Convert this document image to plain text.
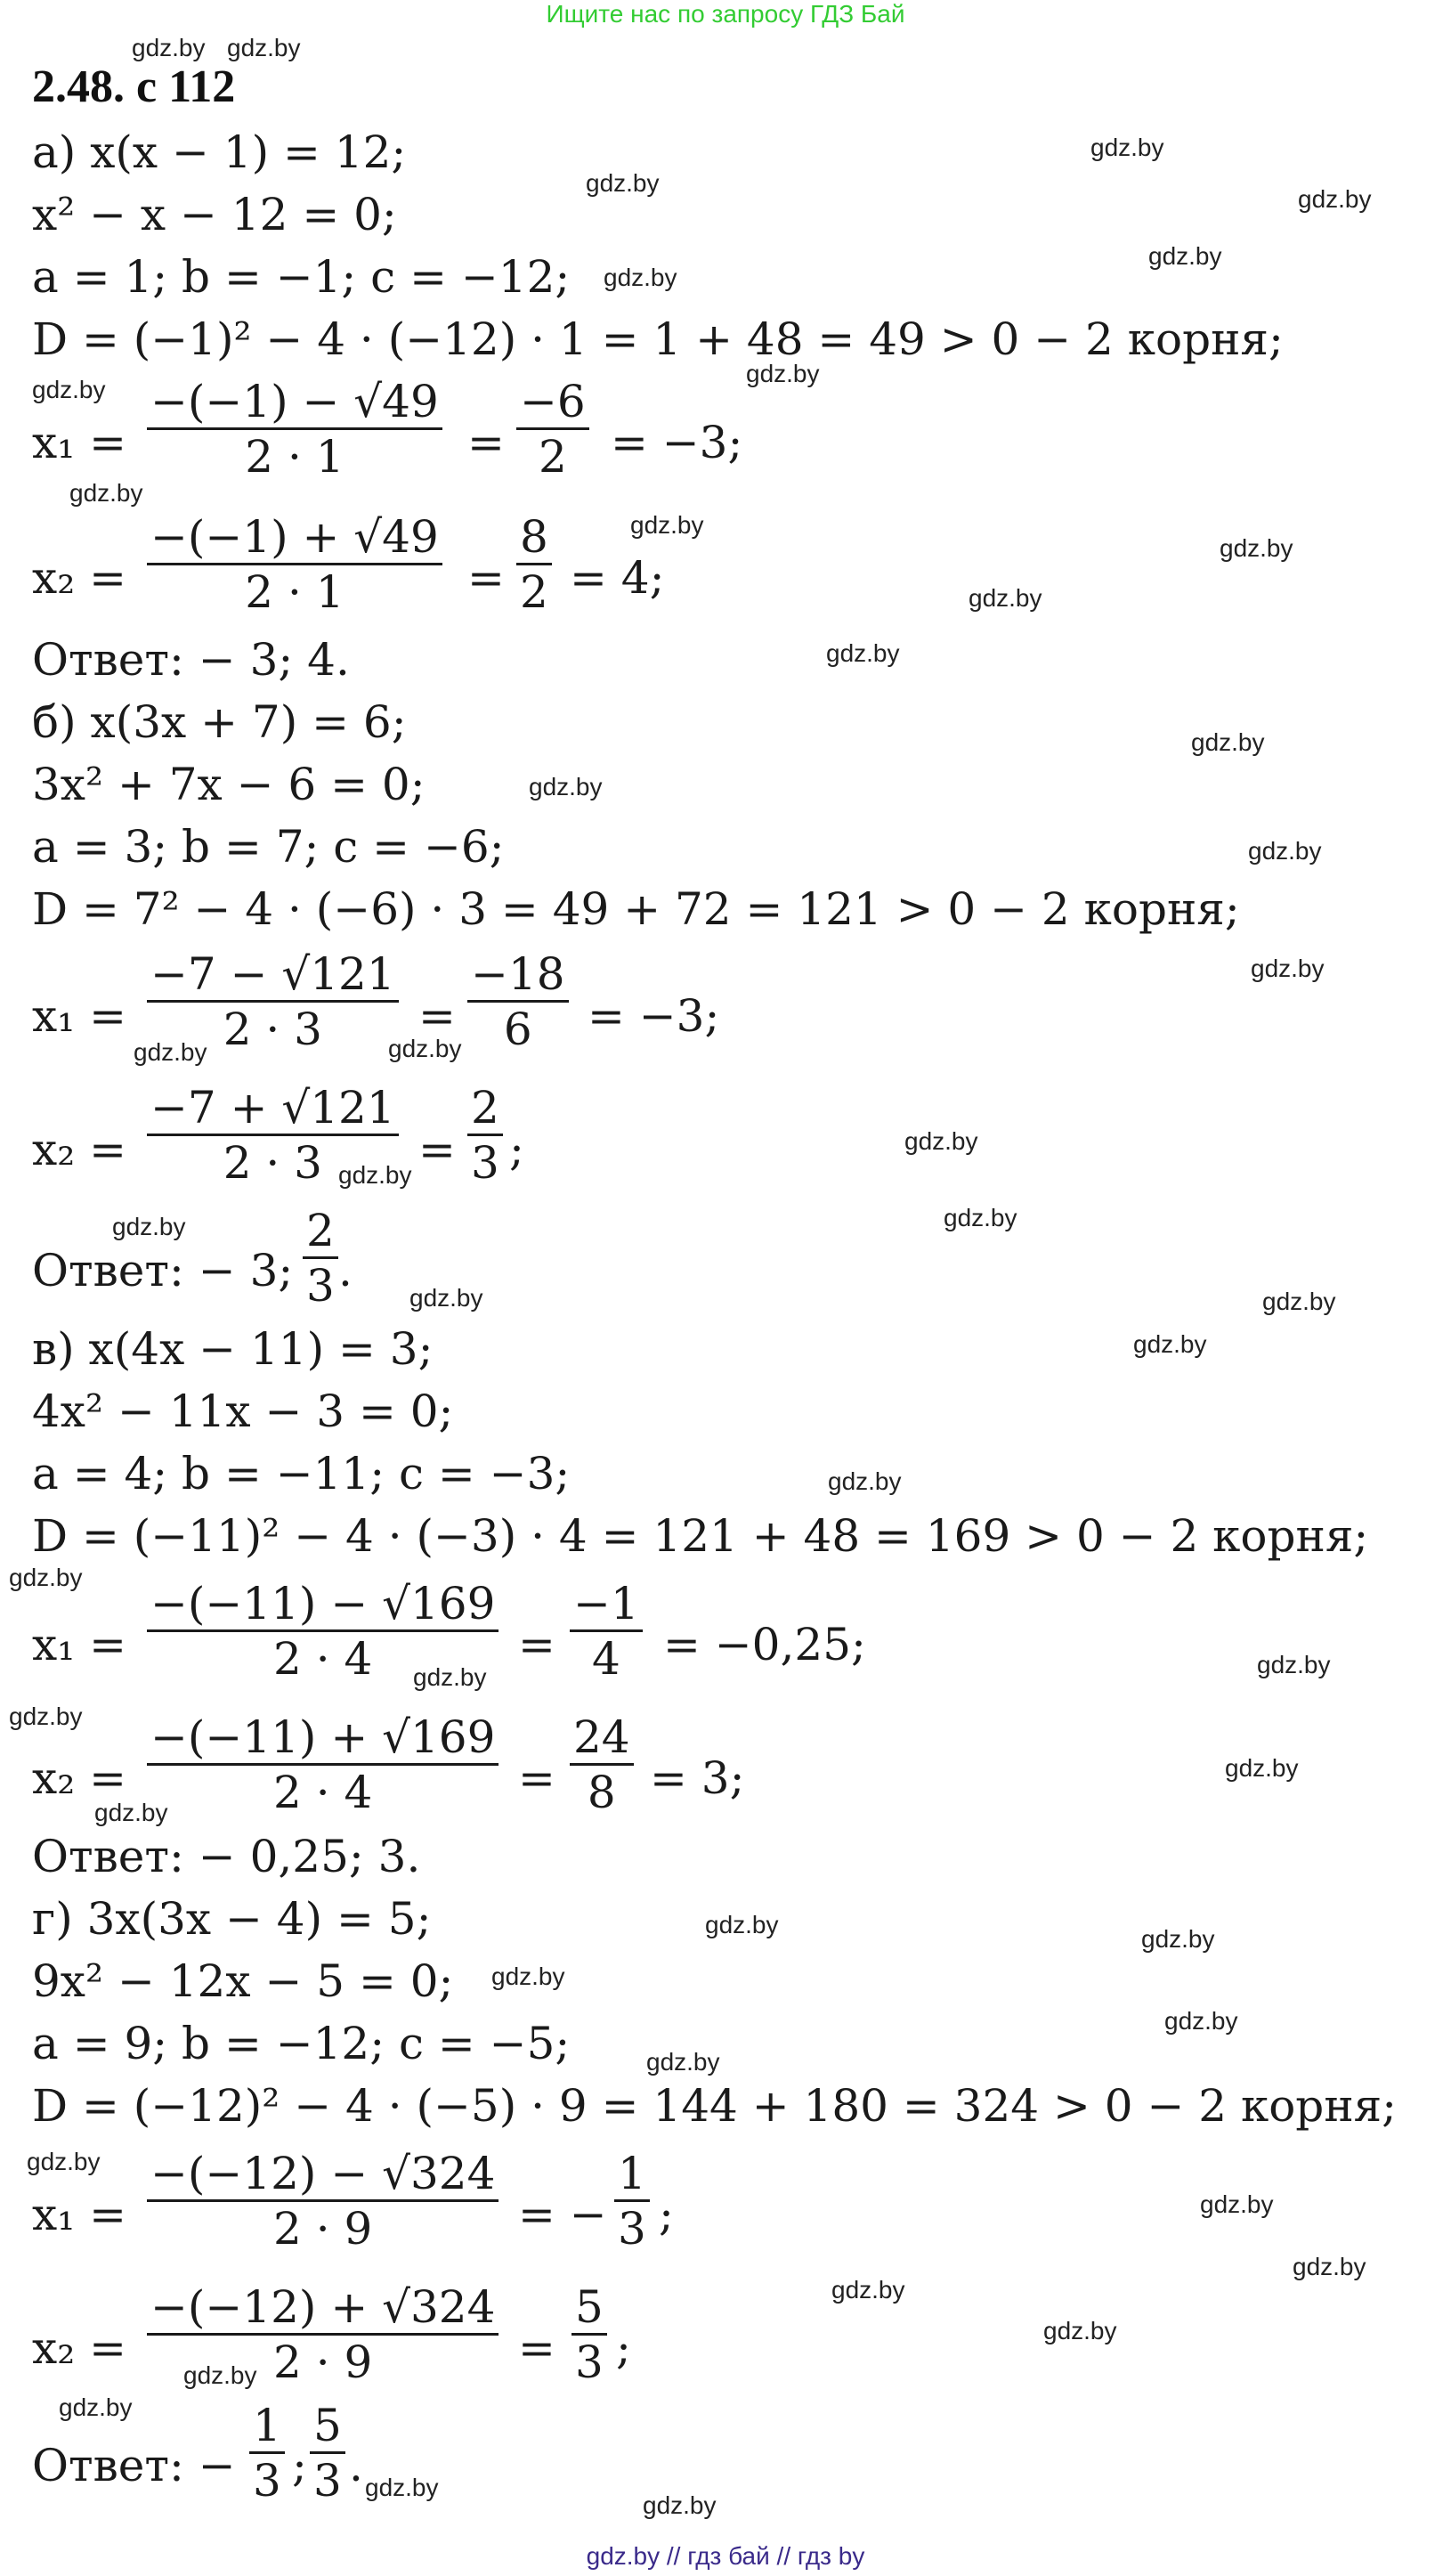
Ищите нас по запросу ГДЗ Бай
2.48. с 112
а) x(x − 1) = 12;
x² − x − 12 = 0;
a = 1; b = −1; c = −12;
D = (−1)² − 4 · (−12) · 1 = 1 + 48 = 49 > 0 − 2 корня;
$x_1 = \frac{-(-1) - √49}{2 \cdot 1} = \frac{-6}{2} = -3$;
$x_2 = \frac{-(-1) + √49}{2 \cdot 1} = \frac{8}{2} = 4$;
Ответ: − 3; 4.
б) x(3x + 7) = 6;
3x² + 7x − 6 = 0;
a = 3; b = 7; c = −6;
D = 7² − 4 · (−6) · 3 = 49 + 72 = 121 > 0 − 2 корня;
$x_1 = \frac{-7 - √121}{2 \cdot 3} = \frac{-18}{6} = -3$;
$x_2 = \frac{-7 + √121}{2 \cdot 3} = \frac{2}{3}$ ;
Ответ: − 3; $\frac{2}{3}$ .
в) x(4x − 11) = 3;
4x² − 11x − 3 = 0;
a = 4; b = −11; c = −3;
D = (−11)² − 4 · (−3) · 4 = 121 + 48 = 169 > 0 − 2 корня;
$x_1 = \frac{-(-11) - √169}{2 \cdot 4} = \frac{-1}{4} = -0,25$;
$x_2 = \frac{-(-11) + √169}{2 \cdot 4} = \frac{24}{8} = 3$;
Ответ: − 0,25; 3.
г) 3x(3x − 4) = 5;
9x² − 12x − 5 = 0;
a = 9; b = −12; c = −5;
D = (−12)² − 4 · (−5) · 9 = 144 + 180 = 324 > 0 − 2 корня;
$x_1 = \frac{-(-12) - √324}{2 \cdot 9}$ = − $\frac{1}{3}$ ;
$x_2 = \frac{-(-12) + √324}{2 \cdot 9} = \frac{5}{3}$ ;
Ответ: − $\frac{1}{3}$ ; $\frac{5}{3}$ .
gdz.by gdz.by
gdz.by
gdz.by
gdz.by
gdz.by
gdz.by
gdz.by
gdz.by
gdz.by
gdz.by
gdz.by
gdz.by
gdz.by
gdz.by
gdz.by
gdz.by
gdz.by
gdz.by	gdz.by
gdz.by
gdz.by
gdz.by
gdz.by
gdz.by	gdz.by
gdz.by
gdz.by
gdz.by
gdz.by
gdz.by
gdz.by
gdz.by
gdz.by
gdz.by
gdz.by
gdz.by
gdz.by
gdz.by
gdz.by
gdz.by
gdz.by
gdz.by
gdz.by
gdz.by
gdz.by
gdz.by
gdz.by
gdz.by // гдз бай // гдз by
